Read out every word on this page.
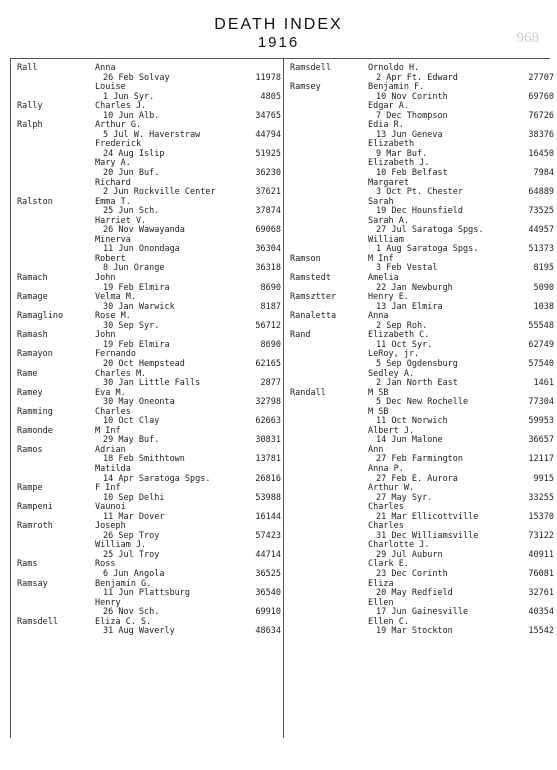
DEATH INDEX
1916	968
Rall	Anna
26 Feb Solvay	11978
Louise
1 Jun Syr.	4805
Rally	Charles J.
10 Jun Alb.	34765
Ralph	Arthur G.
5 Jul W. Haverstraw	44794
Frederick
24 Aug Islip	51925
Mary A.
20 Jun Buf.	36230
Richard
2 Jun Rockville Center	37621
Ralston	Emma T.
25 Jun Sch.	37874
Harriet V.
26 Nov Wawayanda	69068
Minerva
11 Jun Onondaga	36304
Robert
8 Jun Orange	36318
Ramach	John
19 Feb Elmira	8690
Ramage	Velma M.
30 Jan Warwick	8187
Ramaglino	Rose M.
30 Sep Syr.	56712
Ramash	John
19 Feb Elmira	8690
Ramayon	Fernando
20 Oct Hempstead	62165
Rame	Charles M.
30 Jan Little Falls	2877
Ramey	Eva M.
30 May Oneonta	32798
Ramming	Charles
10 Oct Clay	62663
Ramonde	M Inf
29 May Buf.	30831
Ramos	Adrian
18 Feb Smithtown	13781
Matilda
14 Apr Saratoga Spgs.	26816
Rampe	F Inf
10 Sep Delhi	53988
Rampeni	Vaunoi
11 Mar Dover	16144
Ramroth	Joseph
26 Sep Troy	57423
William J.
25 Jul Troy	44714
Rams	Ross
6 Jun Angola	36525
Ramsay	Benjamin G.
11 Jun Plattsburg	36540
Henry
26 Nov Sch.	69910
Ramsdell	Eliza C. S.
31 Aug Waverly	48634
Ramsdell	Ornoldo H.
2 Apr Ft. Edward	27707
Ramsey	Benjamin F.
10 Nov Corinth	69760
Edgar A.
7 Dec Thompson	76726
Edia R.
13 Jun Geneva	38376
Elizabeth
9 Mar Buf.	16450
Elizabeth J.
10 Feb Belfast	7984
Margaret
3 Oct Pt. Chester	64889
Sarah
19 Dec Hounsfield	73525
Sarah A.
27 Jul Saratoga Spgs.	44957
William
1 Aug Saratoga Spgs.	51373
Ramson	M Inf
3 Feb Vestal	8195
Ramstedt	Amelia
22 Jan Newburgh	5090
Ramsztter	Henry E.
13 Jan Elmira	1038
Ranaletta	Anna
2 Sep Roh.	55548
Rand	Elizabeth C.
11 Oct Syr.	62749
LeRoy, jr.
5 Sep Ogdensburg	57540
Sedley A.
2 Jan North East	1461
Randall	M SB
5 Dec New Rochelle	77304
M SB
11 Oct Norwich	59953
Albert J.
14 Jun Malone	36657
Ann
27 Feb Farmington	12117
Anna P.
27 Feb E. Aurora	9915
Arthur W.
27 May Syr.	33255
Charles
21 Mar Ellicottville	15370
Charles
31 Dec Williamsville	73122
Charlotte J.
29 Jul Auburn	40911
Clark E.
23 Dec Corinth	76081
Eliza
20 May Redfield	32761
Ellen
17 Jun Gainesville	40354
Ellen C.
19 Mar Stockton	15542
